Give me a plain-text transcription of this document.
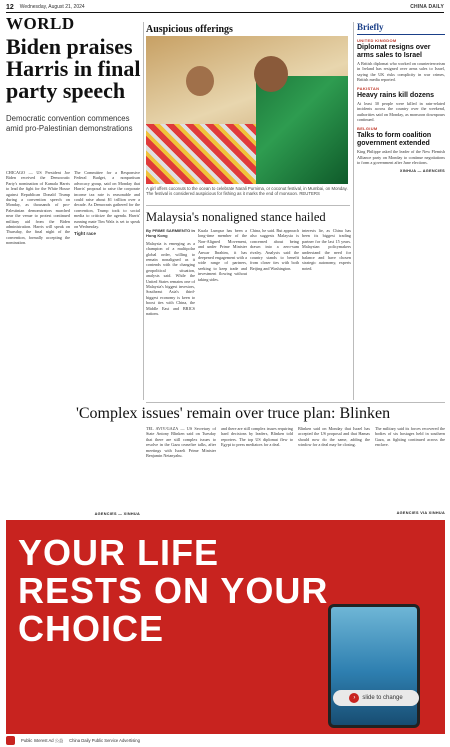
12 Wednesday, August 21, 2024	CHINA DAILY
WORLD
Biden praises Harris in final party speech
Democratic convention commences amid pro-Palestinian demonstrations

CHICAGO — US President Joe Biden received the Democratic Party's nomination of Kamala Harris to lead the fight for the White House against Republican Donald Trump during a convention speech on Monday, as thousands of pro-Palestinian demonstrators marched near the venue to protest continued military aid from the Biden administration. Harris will speak on Thursday, the final night of the convention, formally accepting the nomination.

The Committee for a Responsive Federal Budget, a nonpartisan advocacy group, said on Monday that Harris' proposal to raise the corporate income tax rate is reasonable and could raise about $1 trillion over a decade. As Democrats gathered for the convention, Trump took to social media to criticize the agenda. Harris' running mate Tim Walz is set to speak on Wednesday.

Tight race
AGENCIES — XINHUA
Auspicious offerings
A girl offers coconuts to the ocean to celebrate Narali Purnima, or coconut festival, in Mumbai, on Monday. The festival is considered auspicious for fishing as it marks the end of monsoon. REUTERS
Malaysia's nonaligned stance hailed
By PRIME SARMIENTO in Hong Kong

Malaysia is emerging as a champion of a multipolar global order, willing to remain nonaligned as it contends with the changing geopolitical situation, analysts said. While the United States remains one of Malaysia's biggest investors, Southeast Asia's third-biggest economy is keen to boost ties with China, the Middle East and BRICS nations.

Kuala Lumpur has been a long-time member of the Non-Aligned Movement, and under Prime Minister Anwar Ibrahim, it has deepened engagement with a wide range of partners, seeking to keep trade and investment flowing without taking sides.

China, he said. But approach also suggests Malaysia is concerned about being drawn into a zero-sum rivalry. Analysts said the country stands to benefit from closer ties with both Beijing and Washington.

interests lie, as China has been its biggest trading partner for the last 15 years. Malaysian policymakers understand the need for balance and have chosen strategic autonomy, experts noted.

Briefly
UNITED KINGDOM
Diplomat resigns over arms sales to Israel
A British diplomat who worked on counterterrorism in Ireland has resigned over arms sales to Israel, saying the UK risks complicity in war crimes, British media reported.
PAKISTAN
Heavy rains kill dozens
At least 30 people were killed in rain-related incidents across the country over the weekend, authorities said on Monday, as monsoon downpours continued.
BELGIUM
Talks to form coalition government extended
King Philippe asked the leader of the New Flemish Alliance party on Monday to continue negotiations to form a government after June elections.
XINHUA — AGENCIES
'Complex issues' remain over truce plan: Blinken

TEL AVIV/GAZA — US Secretary of State Antony Blinken said on Tuesday that there are still complex issues to resolve in the Gaza ceasefire talks, after meetings with Israeli Prime Minister Benjamin Netanyahu.

and there are still complex issues requiring hard decisions by leaders, Blinken told reporters. The top US diplomat flew to Egypt to press mediators for a deal.

Blinken said on Monday that Israel has accepted the US proposal and that Hamas should now do the same, adding the window for a deal may be closing.

The military said its forces recovered the bodies of six hostages held in southern Gaza, as fighting continued across the enclave.

AGENCIES VIA XINHUA
YOUR LIFE RESTS ON YOUR CHOICE
›	slide to change
Public Interest Ad 公益 China Daily Public Service Advertising
